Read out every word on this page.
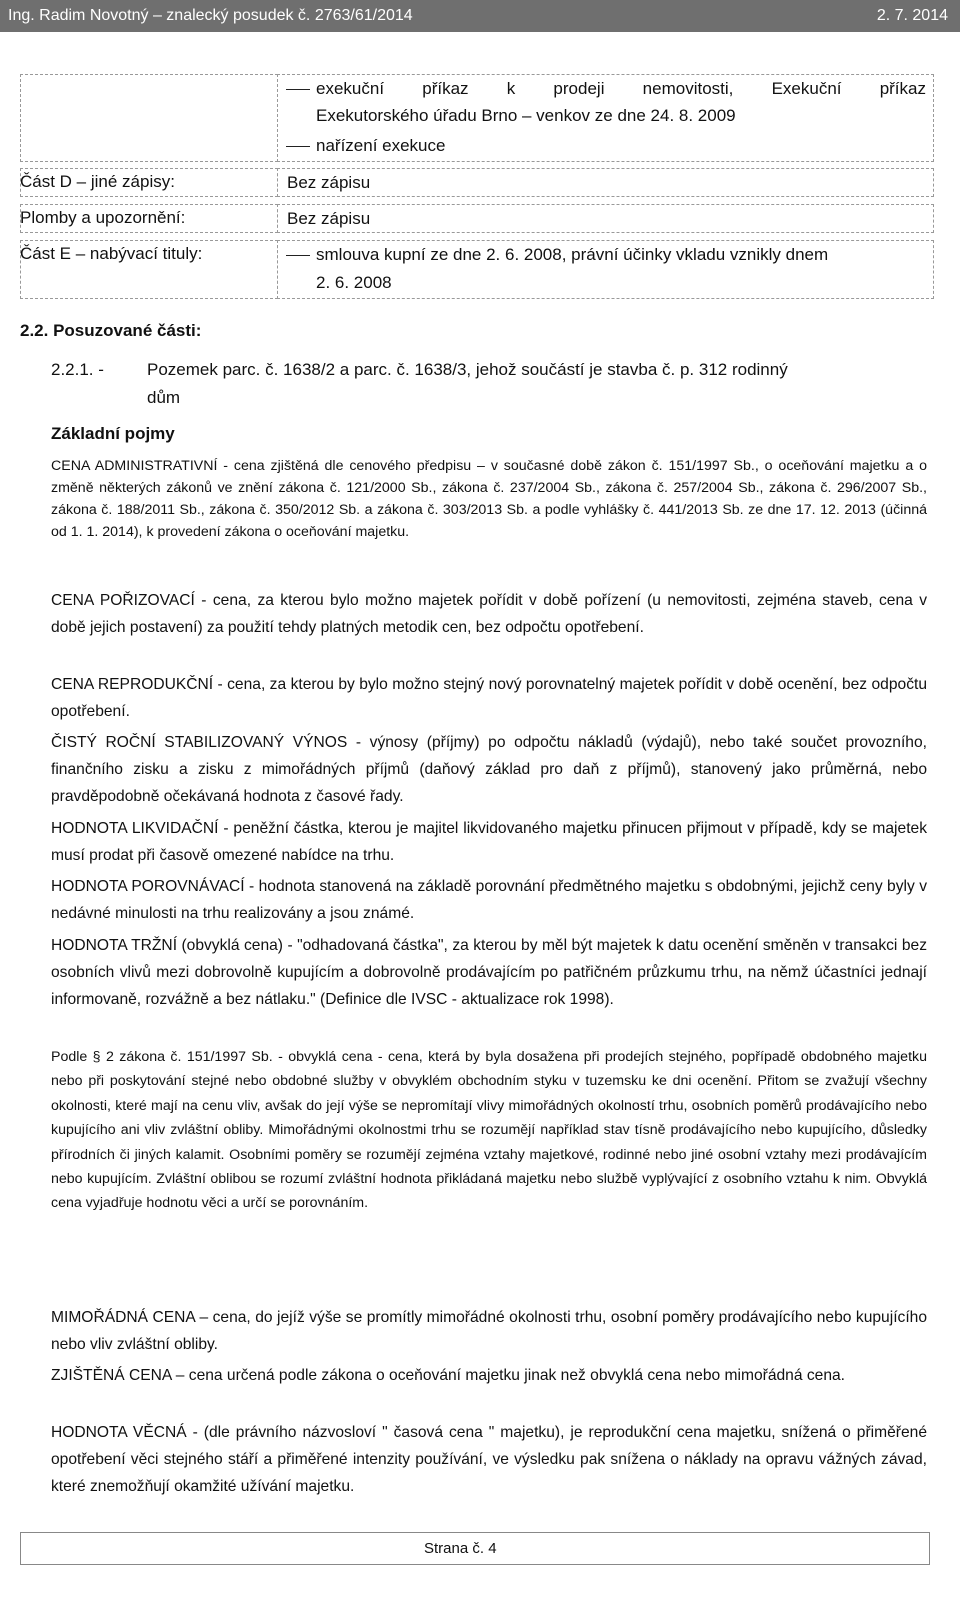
Ing. Radim Novotný – znalecký posudek č. 2763/61/2014	2. 7. 2014
exekuční příkaz k prodeji nemovitosti, Exekuční příkaz
Exekutorského úřadu Brno – venkov ze dne 24. 8. 2009
nařízení exekuce
Část D – jiné zápisy:	Bez zápisu
Plomby a upozornění:	Bez zápisu
Část E – nabývací tituly:	smlouva kupní ze dne 2. 6. 2008, právní účinky vkladu vznikly dnem
2. 6. 2008
2.2. Posuzované části:
2.2.1. -	Pozemek parc. č. 1638/2 a parc. č. 1638/3, jehož součástí je stavba č. p. 312 rodinný
dům
Základní pojmy
CENA ADMINISTRATIVNÍ - cena zjištěná dle cenového předpisu – v současné době zákon č. 151/1997 Sb., o oceňování majetku a o změně některých zákonů ve znění zákona č. 121/2000 Sb., zákona č. 237/2004 Sb., zákona č. 257/2004 Sb., zákona č. 296/2007 Sb., zákona č. 188/2011 Sb., zákona č. 350/2012 Sb. a zákona č. 303/2013 Sb. a podle vyhlášky č. 441/2013 Sb. ze dne 17. 12. 2013 (účinná od 1. 1. 2014), k provedení zákona o oceňování majetku.
CENA POŘIZOVACÍ - cena, za kterou bylo možno majetek pořídit v době pořízení (u nemovitosti, zejména staveb, cena v době jejich postavení) za použití tehdy platných metodik cen, bez odpočtu opotřebení.
CENA REPRODUKČNÍ - cena, za kterou by bylo možno stejný nový porovnatelný majetek pořídit v době ocenění, bez odpočtu opotřebení.
ČISTÝ ROČNÍ STABILIZOVANÝ VÝNOS - výnosy (příjmy) po odpočtu nákladů (výdajů), nebo také součet provozního, finančního zisku a zisku z mimořádných příjmů (daňový základ pro daň z příjmů), stanovený jako průměrná, nebo pravděpodobně očekávaná hodnota z časové řady.
HODNOTA LIKVIDAČNÍ - peněžní částka, kterou je majitel likvidovaného majetku přinucen přijmout v případě, kdy se majetek musí prodat při časově omezené nabídce na trhu.
HODNOTA POROVNÁVACÍ - hodnota stanovená na základě porovnání předmětného majetku s obdobnými, jejichž ceny byly v nedávné minulosti na trhu realizovány a jsou známé.
HODNOTA TRŽNÍ (obvyklá cena) - "odhadovaná částka", za kterou by měl být majetek k datu ocenění směněn v transakci bez osobních vlivů mezi dobrovolně kupujícím a dobrovolně prodávajícím po patřičném průzkumu trhu, na němž účastníci jednají informovaně, rozvážně a bez nátlaku." (Definice dle IVSC - aktualizace rok 1998).
Podle § 2 zákona č. 151/1997 Sb. - obvyklá cena - cena, která by byla dosažena při prodejích stejného, popřípadě obdobného majetku nebo při poskytování stejné nebo obdobné služby v obvyklém obchodním styku v tuzemsku ke dni ocenění. Přitom se zvažují všechny okolnosti, které mají na cenu vliv, avšak do její výše se nepromítají vlivy mimořádných okolností trhu, osobních poměrů prodávajícího nebo kupujícího ani vliv zvláštní obliby. Mimořádnými okolnostmi trhu se rozumějí například stav tísně prodávajícího nebo kupujícího, důsledky přírodních či jiných kalamit. Osobními poměry se rozumějí zejména vztahy majetkové, rodinné nebo jiné osobní vztahy mezi prodávajícím nebo kupujícím. Zvláštní oblibou se rozumí zvláštní hodnota přikládaná majetku nebo službě vyplývající z osobního vztahu k nim. Obvyklá cena vyjadřuje hodnotu věci a určí se porovnáním.
MIMOŘÁDNÁ CENA – cena, do jejíž výše se promítly mimořádné okolnosti trhu, osobní poměry prodávajícího nebo kupujícího nebo vliv zvláštní obliby.
ZJIŠTĚNÁ CENA – cena určená podle zákona o oceňování majetku jinak než obvyklá cena nebo mimořádná cena.
HODNOTA VĚCNÁ - (dle právního názvosloví " časová cena " majetku), je reprodukční cena majetku, snížená o přiměřené opotřebení věci stejného stáří a přiměřené intenzity používání, ve výsledku pak snížena o náklady na opravu vážných závad, které znemožňují okamžité užívání majetku.
Strana č. 4
